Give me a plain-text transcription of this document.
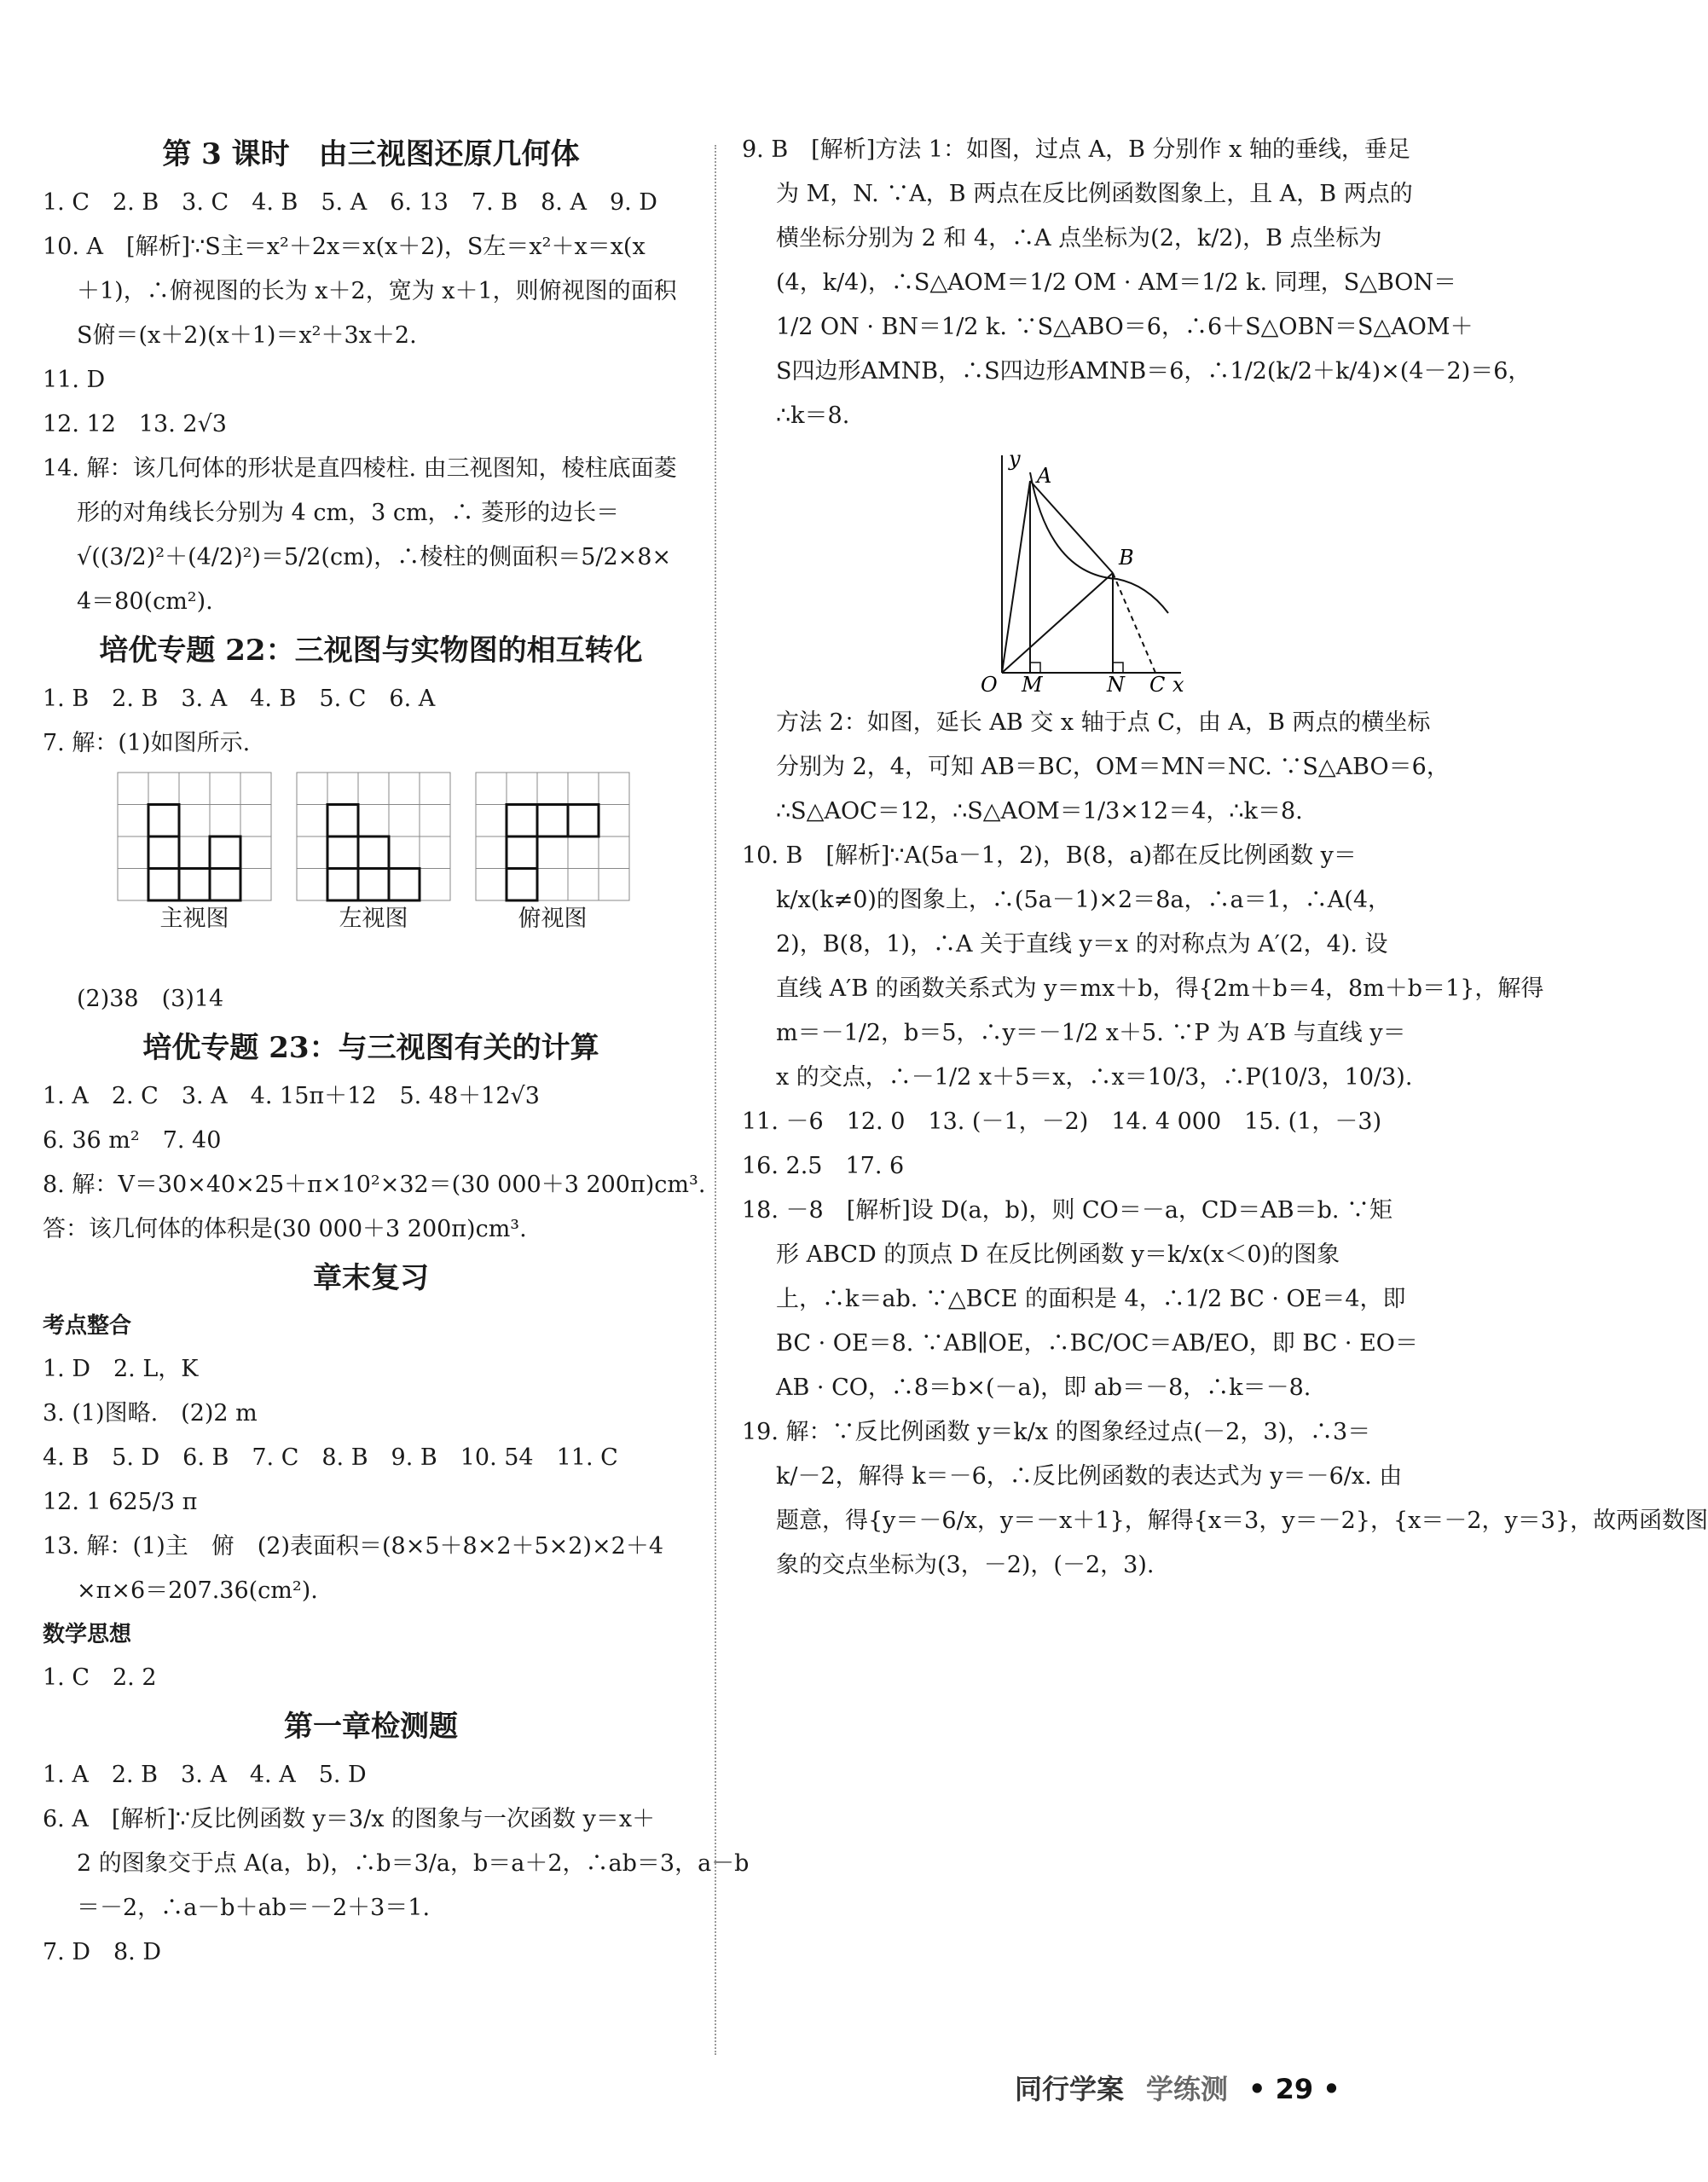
第 3 课时　由三视图还原几何体
1. C　2. B　3. C　4. B　5. A　6. 13　7. B　8. A　9. D
10. A　[解析]∵S主＝x²＋2x＝x(x＋2)，S左＝x²＋x＝x(x
＋1)，∴俯视图的长为 x＋2，宽为 x＋1，则俯视图的面积
S俯＝(x＋2)(x＋1)＝x²＋3x＋2.
11. D
12. 12　13. 2√3
14. 解：该几何体的形状是直四棱柱. 由三视图知，棱柱底面菱
形的对角线长分别为 4 cm，3 cm，∴ 菱形的边长＝
√((3/2)²＋(4/2)²)＝5/2(cm)，∴棱柱的侧面积＝5/2×8×
4＝80(cm²).
培优专题 22：三视图与实物图的相互转化
1. B　2. B　3. A　4. B　5. C　6. A
7. 解：(1)如图所示.
主视图	左视图	俯视图
(2)38　(3)14
培优专题 23：与三视图有关的计算
1. A　2. C　3. A　4. 15π＋12　5. 48＋12√3
6. 36 m²　7. 40
8. 解：V＝30×40×25＋π×10²×32＝(30 000＋3 200π)cm³.
答：该几何体的体积是(30 000＋3 200π)cm³.
章末复习
考点整合
1. D　2. L，K
3. (1)图略.　(2)2 m
4. B　5. D　6. B　7. C　8. B　9. B　10. 54　11. C
12. 1 625/3 π
13. 解：(1)主　俯　(2)表面积＝(8×5＋8×2＋5×2)×2＋4
×π×6＝207.36(cm²).
数学思想
1. C　2. 2
第一章检测题
1. A　2. B　3. A　4. A　5. D
6. A　[解析]∵反比例函数 y＝3/x 的图象与一次函数 y＝x＋
2 的图象交于点 A(a，b)，∴b＝3/a，b＝a＋2，∴ab＝3，a－b
＝－2，∴a－b＋ab＝－2＋3＝1.
7. D　8. D
9. B　[解析]方法 1：如图，过点 A，B 分别作 x 轴的垂线，垂足
为 M，N. ∵A，B 两点在反比例函数图象上，且 A，B 两点的
横坐标分别为 2 和 4，∴A 点坐标为(2，k/2)，B 点坐标为
(4，k/4)，∴S△AOM＝1/2 OM · AM＝1/2 k. 同理，S△BON＝
1/2 ON · BN＝1/2 k. ∵S△ABO＝6，∴6＋S△OBN＝S△AOM＋
S四边形AMNB，∴S四边形AMNB＝6，∴1/2(k/2＋k/4)×(4－2)＝6，
∴k＝8.
y
A
B
O M	N C x
方法 2：如图，延长 AB 交 x 轴于点 C，由 A，B 两点的横坐标
分别为 2，4，可知 AB＝BC，OM＝MN＝NC. ∵S△ABO＝6，
∴S△AOC＝12，∴S△AOM＝1/3×12＝4，∴k＝8.
10. B　[解析]∵A(5a－1，2)，B(8，a)都在反比例函数 y＝
k/x(k≠0)的图象上，∴(5a－1)×2＝8a，∴a＝1，∴A(4，
2)，B(8，1)，∴A 关于直线 y＝x 的对称点为 A′(2，4). 设
直线 A′B 的函数关系式为 y＝mx＋b，得{2m＋b＝4，8m＋b＝1}，解得
m＝－1/2，b＝5，∴y＝－1/2 x＋5. ∵P 为 A′B 与直线 y＝
x 的交点，∴－1/2 x＋5＝x，∴x＝10/3，∴P(10/3，10/3).
11. －6　12. 0　13. (－1，－2)　14. 4 000　15. (1，－3)
16. 2.5　17. 6
18. －8　[解析]设 D(a，b)，则 CO＝－a，CD＝AB＝b. ∵矩
形 ABCD 的顶点 D 在反比例函数 y＝k/x(x＜0)的图象
上，∴k＝ab. ∵△BCE 的面积是 4，∴1/2 BC · OE＝4，即
BC · OE＝8. ∵AB∥OE，∴BC/OC＝AB/EO，即 BC · EO＝
AB · CO，∴8＝b×(－a)，即 ab＝－8，∴k＝－8.
19. 解：∵反比例函数 y＝k/x 的图象经过点(－2，3)，∴3＝
k/－2，解得 k＝－6，∴反比例函数的表达式为 y＝－6/x. 由
题意，得{y＝－6/x，y＝－x＋1}，解得{x＝3，y＝－2}，{x＝－2，y＝3}，故两函数图
象的交点坐标为(3，－2)，(－2，3).
同行学案 学练测 • 29 •
